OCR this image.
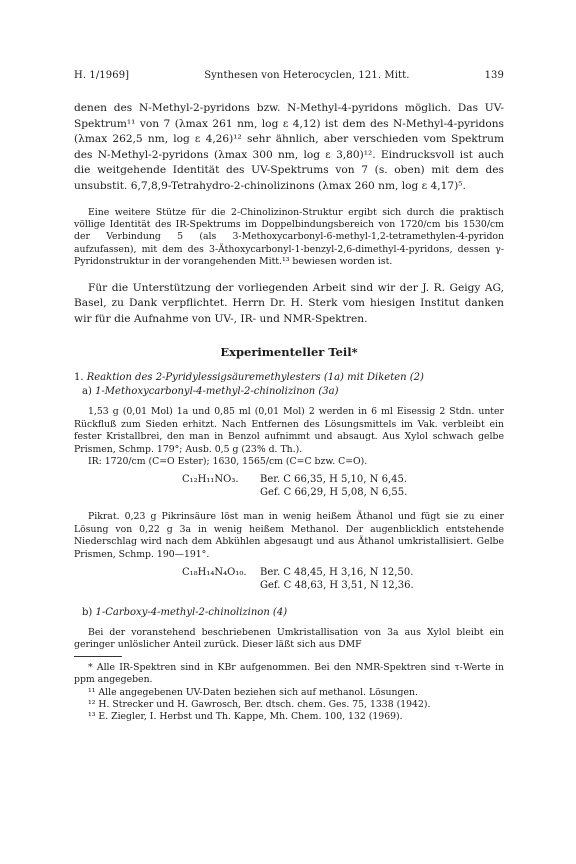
H. 1/1969]	Synthesen von Heterocyclen, 121. Mitt.	139

denen des N-Methyl-2-pyridons bzw. N-Methyl-4-pyridons möglich. Das UV-Spektrum¹¹ von 7 (λmax 261 nm, log ε 4,12) ist dem des N-Methyl-4-pyridons (λmax 262,5 nm, log ε 4,26)¹² sehr ähnlich, aber verschieden vom Spektrum des N-Methyl-2-pyridons (λmax 300 nm, log ε 3,80)¹². Eindrucksvoll ist auch die weitgehende Identität des UV-Spektrums von 7 (s. oben) mit dem des unsubstit. 6,7,8,9-Tetrahydro-2-chinolizinons (λmax 260 nm, log ε 4,17)⁵.

Eine weitere Stütze für die 2-Chinolizinon-Struktur ergibt sich durch die praktisch völlige Identität des IR-Spektrums im Doppelbindungsbereich von 1720/cm bis 1530/cm der Verbindung 5 (als 3-Methoxycarbonyl-6-methyl-1,2-tetramethylen-4-pyridon aufzufassen), mit dem des 3-Äthoxycarbonyl-1-benzyl-2,6-dimethyl-4-pyridons, dessen γ-Pyridonstruktur in der vorangehenden Mitt.¹³ bewiesen worden ist.

Für die Unterstützung der vorliegenden Arbeit sind wir der J. R. Geigy AG, Basel, zu Dank verpflichtet. Herrn Dr. H. Sterk vom hiesigen Institut danken wir für die Aufnahme von UV-, IR- und NMR-Spektren.

Experimenteller Teil*
1. Reaktion des 2-Pyridylessigsäuremethylesters (1a) mit Diketen (2)
a) 1-Methoxycarbonyl-4-methyl-2-chinolizinon (3a)

1,53 g (0,01 Mol) 1a und 0,85 ml (0,01 Mol) 2 werden in 6 ml Eisessig 2 Stdn. unter Rückfluß zum Sieden erhitzt. Nach Entfernen des Lösungsmittels im Vak. verbleibt ein fester Kristallbrei, den man in Benzol aufnimmt und absaugt. Aus Xylol schwach gelbe Prismen, Schmp. 179°; Ausb. 0,5 g (23% d. Th.).

IR: 1720/cm (C=O Ester); 1630, 1565/cm (C=C bzw. C=O).

C₁₂H₁₁NO₃.	Ber. C 66,35, H 5,10, N 6,45.
Gef. C 66,29, H 5,08, N 6,55.

Pikrat. 0,23 g Pikrinsäure löst man in wenig heißem Äthanol und fügt sie zu einer Lösung von 0,22 g 3a in wenig heißem Methanol. Der augenblicklich entstehende Niederschlag wird nach dem Abkühlen abgesaugt und aus Äthanol umkristallisiert. Gelbe Prismen, Schmp. 190—191°.

C₁₈H₁₄N₄O₁₀.	Ber. C 48,45, H 3,16, N 12,50.
Gef. C 48,63, H 3,51, N 12,36.
b) 1-Carboxy-4-methyl-2-chinolizinon (4)

Bei der voranstehend beschriebenen Umkristallisation von 3a aus Xylol bleibt ein geringer unlöslicher Anteil zurück. Dieser läßt sich aus DMF

* Alle IR-Spektren sind in KBr aufgenommen. Bei den NMR-Spektren sind τ-Werte in ppm angegeben.

¹¹ Alle angegebenen UV-Daten beziehen sich auf methanol. Lösungen.

¹² H. Strecker und H. Gawrosch, Ber. dtsch. chem. Ges. 75, 1338 (1942).

¹³ E. Ziegler, I. Herbst und Th. Kappe, Mh. Chem. 100, 132 (1969).
